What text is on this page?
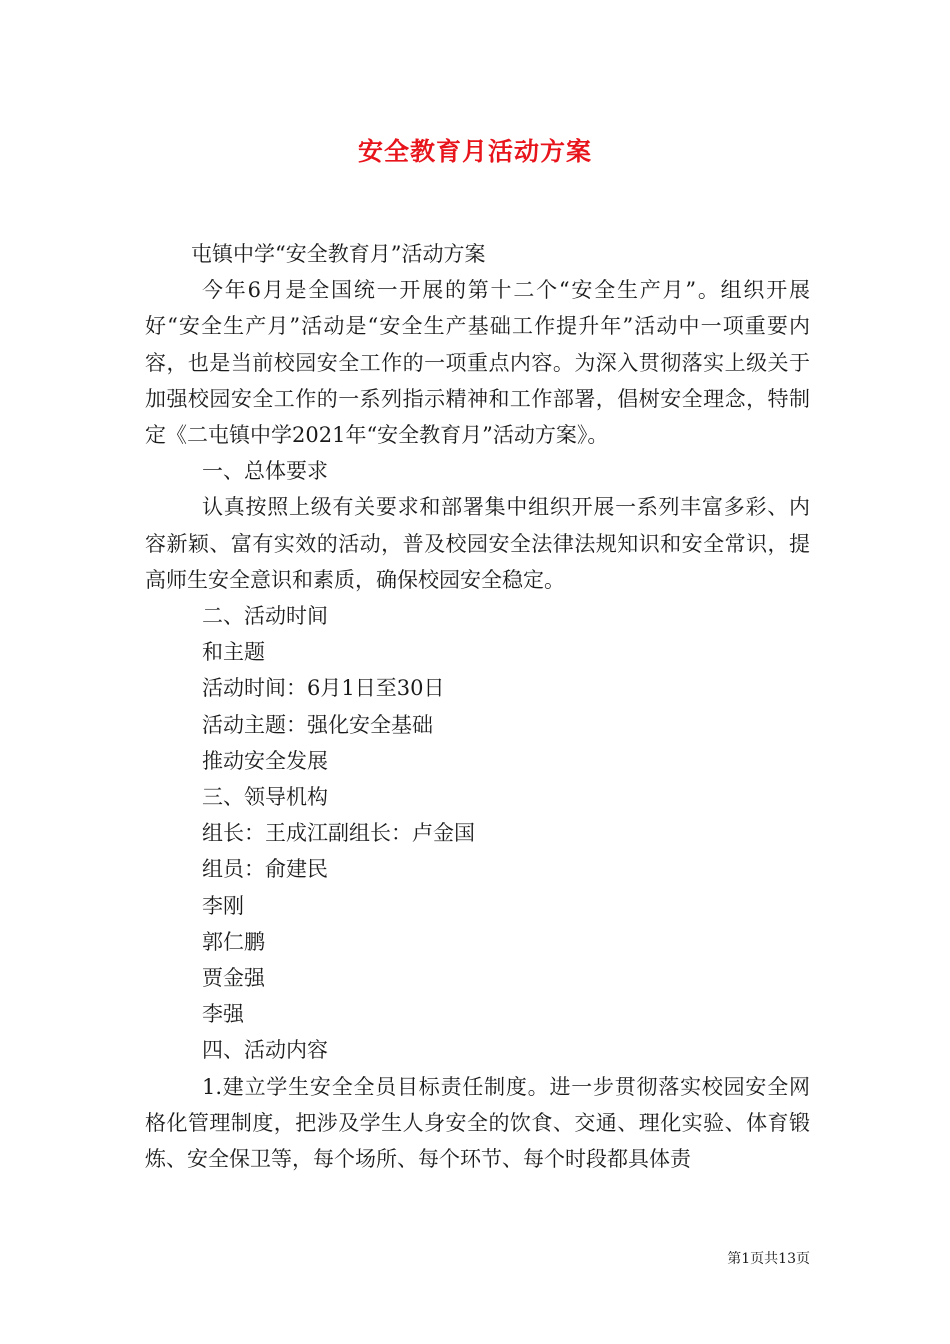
安全教育月活动方案

屯镇中学“安全教育月”活动方案

今年6月是全国统一开展的第十二个“安全生产月”。组织开展好“安全生产月”活动是“安全生产基础工作提升年”活动中一项重要内容，也是当前校园安全工作的一项重点内容。为深入贯彻落实上级关于加强校园安全工作的一系列指示精神和工作部署，倡树安全理念，特制定《二屯镇中学2021年“安全教育月”活动方案》。

一、总体要求

认真按照上级有关要求和部署集中组织开展一系列丰富多彩、内容新颖、富有实效的活动，普及校园安全法律法规知识和安全常识，提高师生安全意识和素质，确保校园安全稳定。

二、活动时间

和主题

活动时间：6月1日至30日

活动主题：强化安全基础

推动安全发展

三、领导机构

组长：王成江副组长：卢金国

组员：俞建民

李刚

郭仁鹏

贾金强

李强

四、活动内容

1.建立学生安全全员目标责任制度。进一步贯彻落实校园安全网格化管理制度，把涉及学生人身安全的饮食、交通、理化实验、体育锻炼、安全保卫等，每个场所、每个环节、每个时段都具体责

第1页共13页
